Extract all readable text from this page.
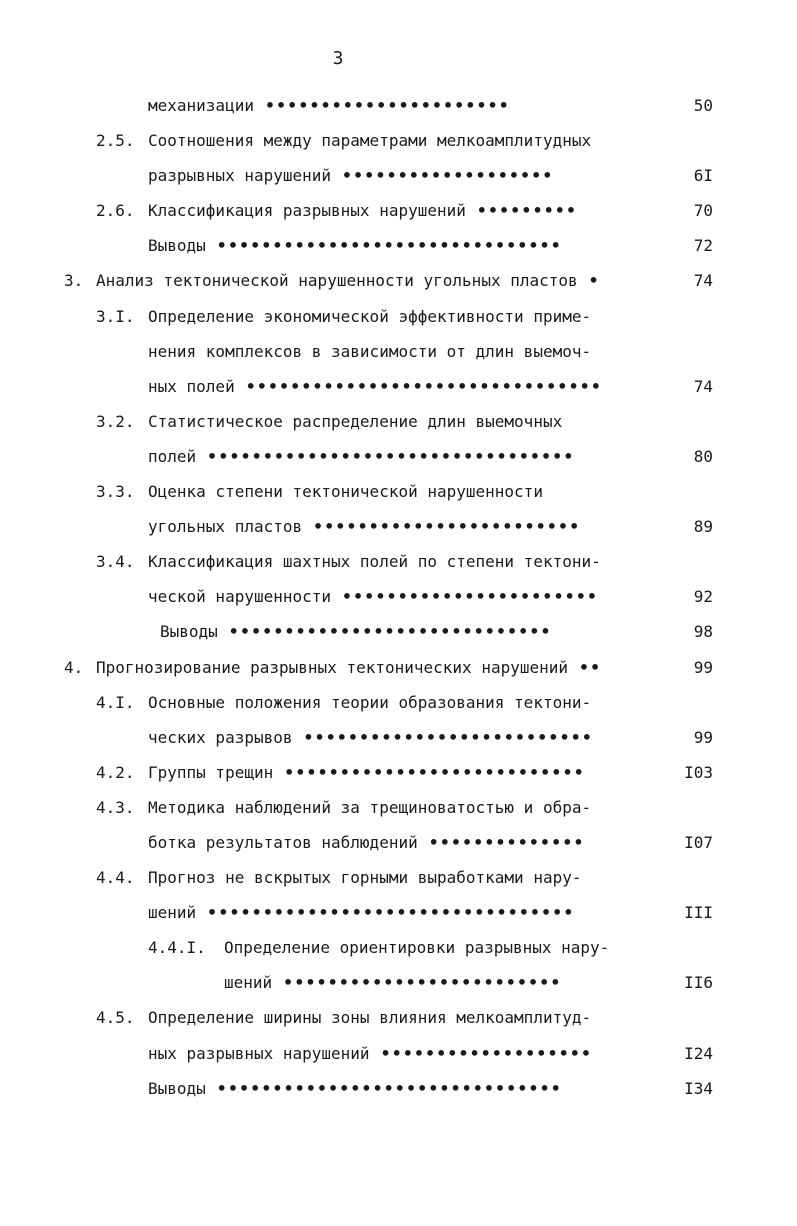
3
механизации ••••••••••••••••••••••	50
2.5. Соотношения между параметрами мелкоамплитудных
разрывных нарушений •••••••••••••••••••	6I
2.6. Классификация разрывных нарушений •••••••••	70
Выводы •••••••••••••••••••••••••••••••	72
3. Анализ тектонической нарушенности угольных пластов •	74
3.I. Определение экономической эффективности приме-
нения комплексов в зависимости от длин выемоч-
ных полей ••••••••••••••••••••••••••••••••	74
3.2. Статистическое распределение длин выемочных
полей •••••••••••••••••••••••••••••••••	80
3.3. Оценка степени тектонической нарушенности
угольных пластов ••••••••••••••••••••••••	89
3.4. Классификация шахтных полей по степени тектони-
ческой нарушенности •••••••••••••••••••••••	92
Выводы •••••••••••••••••••••••••••••	98
4. Прогнозирование разрывных тектонических нарушений ••	99
4.I. Основные положения теории образования тектони-
ческих разрывов ••••••••••••••••••••••••••	99
4.2. Группы трещин •••••••••••••••••••••••••••	I03
4.3. Методика наблюдений за трещиноватостью и обра-
ботка результатов наблюдений ••••••••••••••	I07
4.4. Прогноз не вскрытых горными выработками нару-
шений •••••••••••••••••••••••••••••••••	III
4.4.I. Определение ориентировки разрывных нару-
шений •••••••••••••••••••••••••	II6
4.5. Определение ширины зоны влияния мелкоамплитуд-
ных разрывных нарушений •••••••••••••••••••	I24
Выводы •••••••••••••••••••••••••••••••	I34
